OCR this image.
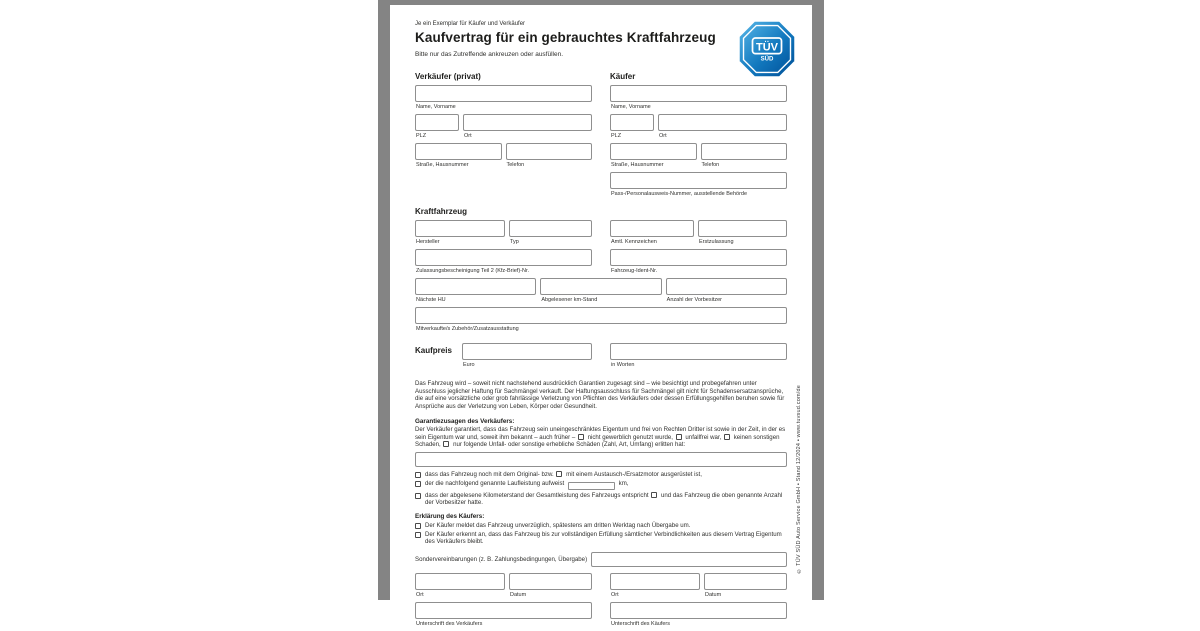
TÜV
SÜD
© TÜV SÜD Auto Service GmbH • Stand 12/2024 • www.tuvsud.com/de
Je ein Exemplar für Käufer und Verkäufer
Kaufvertrag für ein gebrauchtes Kraftfahrzeug
Bitte nur das Zutreffende ankreuzen oder ausfüllen.
Verkäufer (privat)
Name, Vorname
PLZ	Ort
Straße, Hausnummer	Telefon
Käufer
Name, Vorname
PLZ	Ort
Straße, Hausnummer	Telefon
Pass-/Personalausweis-Nummer, ausstellende Behörde
Kraftfahrzeug
Hersteller	Typ	Amtl. Kennzeichen	Erstzulassung
Zulassungsbescheinigung Teil 2 (Kfz-Brief)-Nr.	Fahrzeug-Ident-Nr.
Nächste HU	Abgelesener km-Stand	Anzahl der Vorbesitzer
Mitverkaufte/s Zubehör/Zusatzausstattung
Kaufpreis
Euro	in Worten

Das Fahrzeug wird – soweit nicht nachstehend ausdrücklich Garantien zugesagt sind – wie besichtigt und probegefahren unter Ausschluss jeglicher Haftung für Sachmängel verkauft. Der Haftungsausschluss für Sachmängel gilt nicht für Schadensersatzansprüche, die auf eine vorsätzliche oder grob fahrlässige Verletzung von Pflichten des Verkäufers oder dessen Erfüllungsgehilfen beruhen sowie für Ansprüche aus der Verletzung von Leben, Körper oder Gesundheit.

Garantiezusagen des Verkäufers:

Der Verkäufer garantiert, dass das Fahrzeug sein uneingeschränktes Eigentum und frei von Rechten Dritter ist sowie in der Zeit, in der es sein Eigentum war und, soweit ihm bekannt – auch früher – nicht gewerblich genutzt wurde, unfallfrei war, keinen sonstigen Schaden, nur folgende Unfall- oder sonstige erhebliche Schäden (Zahl, Art, Umfang) erlitten hat:

dass das Fahrzeug noch mit dem Original- bzw. mit einem Austausch-/Ersatzmotor ausgerüstet ist,
der die nachfolgend genannte Laufleistung aufweist	km,
dass der abgelesene Kilometerstand der Gesamtleistung des Fahrzeugs entspricht und das Fahrzeug die oben genannte Anzahl der Vorbesitzer hatte.

Erklärung des Käufers:

Der Käufer meldet das Fahrzeug unverzüglich, spätestens am dritten Werktag nach Übergabe um.
Der Käufer erkennt an, dass das Fahrzeug bis zur vollständigen Erfüllung sämtlicher Verbindlichkeiten aus diesem Vertrag Eigentum des Verkäufers bleibt.
Sondervereinbarungen (z. B. Zahlungsbedingungen, Übergabe)
Ort	Datum
Unterschrift des Verkäufers
Ort	Datum
Unterschrift des Käufers
